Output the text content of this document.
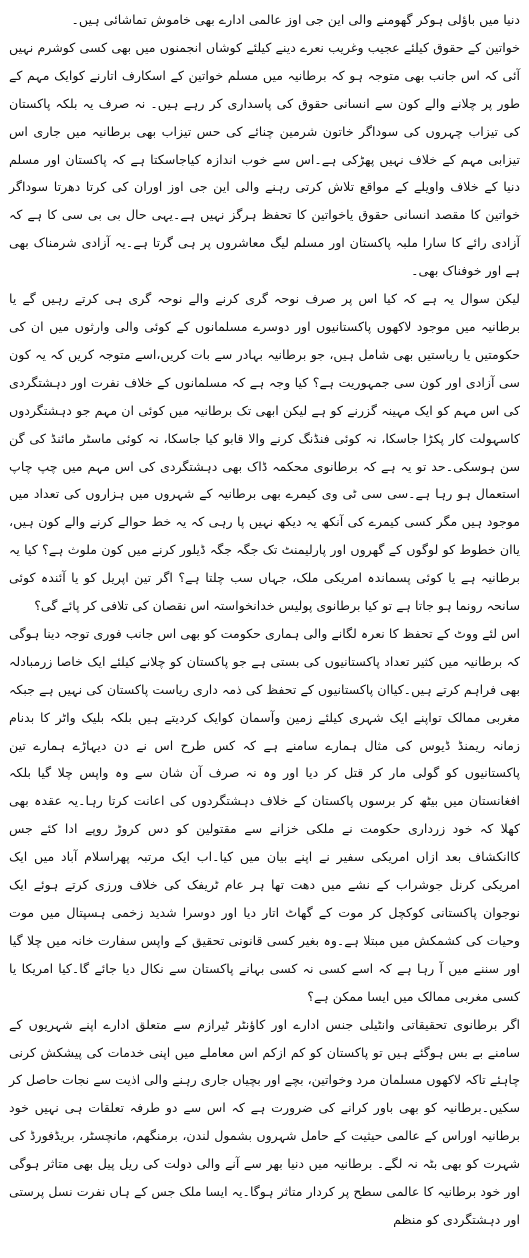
دنیا میں باؤلی ہوکر گھومنے والی این جی اوز عالمی ادارے بھی خاموش تماشائی ہیں۔

خواتین کے حقوق کیلئے عجیب وغریب نعرے دینے کیلئے کوشاں انجمنوں میں بھی کسی کوشرم نہیں آئی کہ اس جانب بھی متوجہ ہو کہ برطانیہ میں مسلم خواتین کے اسکارف اتارنے کوایک مہم کے طور پر چلانے والے کون سے انسانی حقوق کی پاسداری کر رہے ہیں۔ نہ صرف یہ بلکہ پاکستان کی تیزاب چہروں کی سوداگر خاتون شرمین چنائے کی حس تیزاب بھی برطانیہ میں جاری اس تیزابی مہم کے خلاف نہیں پھڑکی ہے۔اس سے خوب اندازہ کیاجاسکتا ہے کہ پاکستان اور مسلم دنیا کے خلاف واویلے کے مواقع تلاش کرتی رہنے والی این جی اوز اوران کی کرتا دھرتا سوداگر خواتین کا مقصد انسانی حقوق یاخواتین کا تحفظ ہرگز نہیں ہے۔یہی حال بی بی سی کا ہے کہ آزادی رائے کا سارا ملبہ پاکستان اور مسلم لیگ معاشروں پر ہی گرتا ہے۔یہ آزادی شرمناک بھی ہے اور خوفناک بھی۔

لیکن سوال یہ ہے کہ کیا اس پر صرف نوحہ گری کرنے والے نوحہ گری ہی کرتے رہیں گے یا برطانیہ میں موجود لاکھوں پاکستانیوں اور دوسرے مسلمانوں کے کوئی والی وارثوں میں ان کی حکومتیں یا ریاستیں بھی شامل ہیں، جو برطانیہ بہادر سے بات کریں،اسے متوجہ کریں کہ یہ کون سی آزادی اور کون سی جمہوریت ہے؟ کیا وجہ ہے کہ مسلمانوں کے خلاف نفرت اور دہشتگردی کی اس مہم کو ایک مہینہ گزرنے کو ہے لیکن ابھی تک برطانیہ میں کوئی ان مہم جو دہشتگردوں کاسہولت کار پکڑا جاسکا، نہ کوئی فنڈنگ کرنے والا قابو کیا جاسکا، نہ کوئی ماسٹر مائنڈ کی گن سن ہوسکی۔حد تو یہ ہے کہ برطانوی محکمہ ڈاک بھی دہشتگردی کی اس مہم میں چپ چاپ استعمال ہو رہا ہے۔سی سی ٹی وی کیمرے بھی برطانیہ کے شہروں میں ہزاروں کی تعداد میں موجود ہیں مگر کسی کیمرے کی آنکھ یہ دیکھ نہیں پا رہی کہ یہ خط حوالے کرنے والے کون ہیں، یاان خطوط کو لوگوں کے گھروں اور پارلیمنٹ تک جگہ جگہ ڈیلور کرنے میں کون ملوث ہے؟ کیا یہ برطانیہ ہے یا کوئی پسماندہ امریکی ملک، جہاں سب چلتا ہے؟ اگر تین اپریل کو یا آئندہ کوئی سانحہ رونما ہو جاتا ہے تو کیا برطانوی پولیس خدانخواستہ اس نقصان کی تلافی کر پائے گی؟

اس لئے ووٹ کے تحفظ کا نعرہ لگانے والی ہماری حکومت کو بھی اس جانب فوری توجہ دینا ہوگی کہ برطانیہ میں کثیر تعداد پاکستانیوں کی بستی ہے جو پاکستان کو چلانے کیلئے ایک خاصا زرمبادلہ بھی فراہم کرتے ہیں۔کیاان پاکستانیوں کے تحفظ کی ذمہ داری ریاست پاکستان کی نہیں ہے جبکہ مغربی ممالک تواپنے ایک شہری کیلئے زمین وآسمان کوایک کردیتے ہیں بلکہ بلیک واٹر کا بدنام زمانہ ریمنڈ ڈیوس کی مثال ہمارے سامنے ہے کہ کس طرح اس نے دن دیہاڑے ہمارے تین پاکستانیوں کو گولی مار کر قتل کر دیا اور وہ نہ صرف آن شان سے وہ واپس چلا گیا بلکہ افغانستان میں بیٹھ کر برسوں پاکستان کے خلاف دہشتگردوں کی اعانت کرتا رہا۔یہ عقدہ بھی کھلا کہ خود زرداری حکومت نے ملکی خزانے سے مقتولین کو دس کروڑ روپے ادا کئے جس کاانکشاف بعد ازاں امریکی سفیر نے اپنے بیان میں کیا۔اب ایک مرتبہ پھراسلام آباد میں ایک امریکی کرنل جوشراب کے نشے میں دھت تھا ہر عام ٹریفک کی خلاف ورزی کرتے ہوئے ایک نوجوان پاکستانی کوکچل کر موت کے گھاٹ اتار دیا اور دوسرا شدید زخمی ہسپتال میں موت وحیات کی کشمکش میں مبتلا ہے۔وہ بغیر کسی قانونی تحقیق کے واپس سفارت خانہ میں چلا گیا اور سننے میں آ رہا ہے کہ اسے کسی نہ کسی بہانے پاکستان سے نکال دیا جائے گا۔کیا امریکا یا کسی مغربی ممالک میں ایسا ممکن ہے؟

اگر برطانوی تحقیقاتی وانٹیلی جنس ادارے اور کاؤنٹر ٹیرازم سے متعلق ادارے اپنے شہریوں کے سامنے بے بس ہوگئے ہیں تو پاکستان کو کم ازکم اس معاملے میں اپنی خدمات کی پیشکش کرنی چاہئے تاکہ لاکھوں مسلمان مرد وخواتین، بچے اور بچیاں جاری رہنے والی اذیت سے نجات حاصل کر سکیں۔برطانیہ کو بھی باور کرانے کی ضرورت ہے کہ اس سے دو طرفہ تعلقات ہی نہیں خود برطانیہ اوراس کے عالمی حیثیت کے حامل شہروں بشمول لندن، برمنگھم، مانچسٹر، بریڈفورڈ کی شہرت کو بھی بٹہ نہ لگے۔ برطانیہ میں دنیا بھر سے آنے والی دولت کی ریل پیل بھی متاثر ہوگی اور خود برطانیہ کا عالمی سطح پر کردار متاثر ہوگا۔یہ ایسا ملک جس کے ہاں نفرت نسل پرستی اور دہشتگردی کو منظم
